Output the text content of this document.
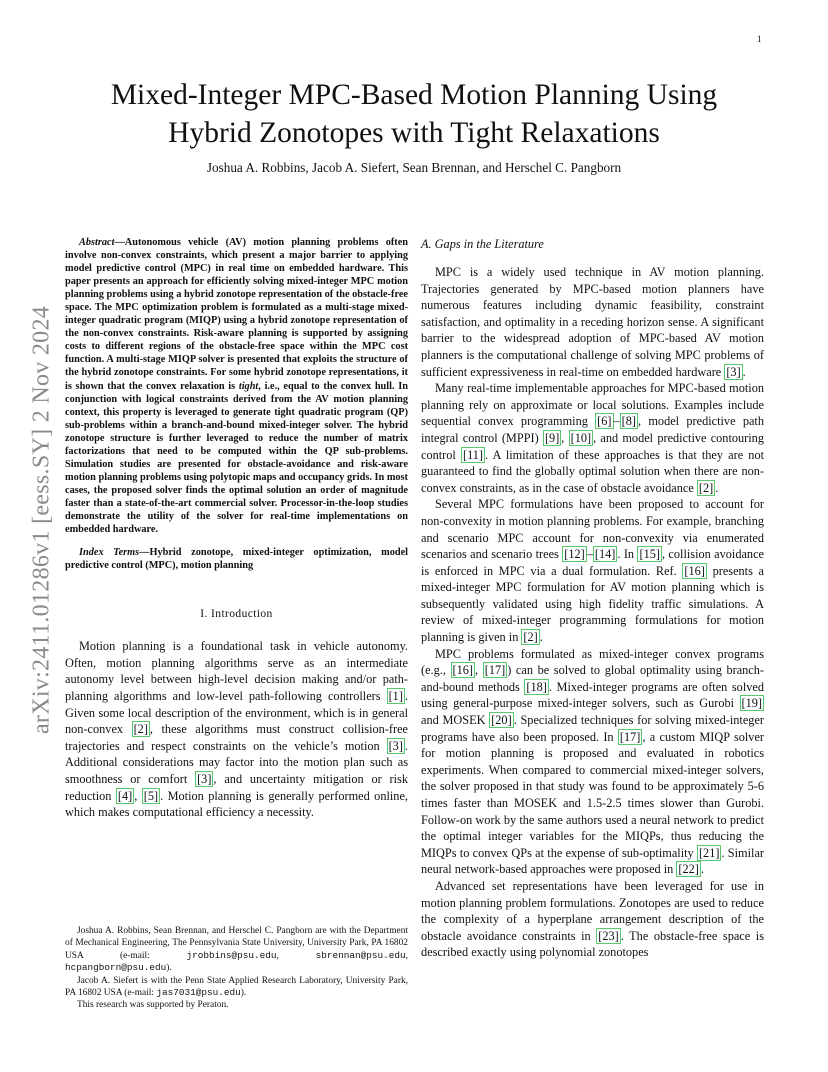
1
arXiv:2411.01286v1 [eess.SY] 2 Nov 2024
Mixed-Integer MPC-Based Motion Planning Using
Hybrid Zonotopes with Tight Relaxations
Joshua A. Robbins, Jacob A. Siefert, Sean Brennan, and Herschel C. Pangborn

Abstract—Autonomous vehicle (AV) motion planning problems often involve non-convex constraints, which present a major barrier to applying model predictive control (MPC) in real time on embedded hardware. This paper presents an approach for efficiently solving mixed-integer MPC motion planning problems using a hybrid zonotope representation of the obstacle-free space. The MPC optimization problem is formulated as a multi-stage mixed-integer quadratic program (MIQP) using a hybrid zonotope representation of the non-convex constraints. Risk-aware planning is supported by assigning costs to different regions of the obstacle-free space within the MPC cost function. A multi-stage MIQP solver is presented that exploits the structure of the hybrid zonotope constraints. For some hybrid zonotope representations, it is shown that the convex relaxation is tight, i.e., equal to the convex hull. In conjunction with logical constraints derived from the AV motion planning context, this property is leveraged to generate tight quadratic program (QP) sub-problems within a branch-and-bound mixed-integer solver. The hybrid zonotope structure is further leveraged to reduce the number of matrix factorizations that need to be computed within the QP sub-problems. Simulation studies are presented for obstacle-avoidance and risk-aware motion planning problems using polytopic maps and occupancy grids. In most cases, the proposed solver finds the optimal solution an order of magnitude faster than a state-of-the-art commercial solver. Processor-in-the-loop studies demonstrate the utility of the solver for real-time implementations on embedded hardware.

Index Terms—Hybrid zonotope, mixed-integer optimization, model predictive control (MPC), motion planning

I. Introduction

Motion planning is a foundational task in vehicle autonomy. Often, motion planning algorithms serve as an intermediate autonomy level between high-level decision making and/or path-planning algorithms and low-level path-following controllers [1] . Given some local description of the environment, which is in general non-convex [2] , these algorithms must construct collision-free trajectories and respect constraints on the vehicle’s motion [3] . Additional considerations may factor into the motion plan such as smoothness or comfort [3] , and uncertainty mitigation or risk reduction [4] , [5] . Motion planning is generally performed online, which makes computational efficiency a necessity.

Joshua A. Robbins, Sean Brennan, and Herschel C. Pangborn are with the Department of Mechanical Engineering, The Pennsylvania State University, University Park, PA 16802 USA (e-mail: jrobbins@psu.edu, sbrennan@psu.edu, hcpangborn@psu.edu).

Jacob A. Siefert is with the Penn State Applied Research Laboratory, University Park, PA 16802 USA (e-mail: jas7031@psu.edu).

This research was supported by Peraton.

A. Gaps in the Literature

MPC is a widely used technique in AV motion planning. Trajectories generated by MPC-based motion planners have numerous features including dynamic feasibility, constraint satisfaction, and optimality in a receding horizon sense. A significant barrier to the widespread adoption of MPC-based AV motion planners is the computational challenge of solving MPC problems of sufficient expressiveness in real-time on embedded hardware [3] .

Many real-time implementable approaches for MPC-based motion planning rely on approximate or local solutions. Examples include sequential convex programming [6] – [8] , model predictive path integral control (MPPI) [9] , [10] , and model predictive contouring control [11] . A limitation of these approaches is that they are not guaranteed to find the globally optimal solution when there are non-convex constraints, as in the case of obstacle avoidance [2] .

Several MPC formulations have been proposed to account for non-convexity in motion planning problems. For example, branching and scenario MPC account for non-convexity via enumerated scenarios and scenario trees [12] – [14] . In [15] , collision avoidance is enforced in MPC via a dual formulation. Ref. [16] presents a mixed-integer MPC formulation for AV motion planning which is subsequently validated using high fidelity traffic simulations. A review of mixed-integer programming formulations for motion planning is given in [2] .

MPC problems formulated as mixed-integer convex programs (e.g., [16] , [17] ) can be solved to global optimality using branch-and-bound methods [18] . Mixed-integer programs are often solved using general-purpose mixed-integer solvers, such as Gurobi [19] and MOSEK [20] . Specialized techniques for solving mixed-integer programs have also been proposed. In [17] , a custom MIQP solver for motion planning is proposed and evaluated in robotics experiments. When compared to commercial mixed-integer solvers, the solver proposed in that study was found to be approximately 5-6 times faster than MOSEK and 1.5-2.5 times slower than Gurobi. Follow-on work by the same authors used a neural network to predict the optimal integer variables for the MIQPs, thus reducing the MIQPs to convex QPs at the expense of sub-optimality [21] . Similar neural network-based approaches were proposed in [22] .

Advanced set representations have been leveraged for use in motion planning problem formulations. Zonotopes are used to reduce the complexity of a hyperplane arrangement description of the obstacle avoidance constraints in [23] . The obstacle-free space is described exactly using polynomial zonotopes
